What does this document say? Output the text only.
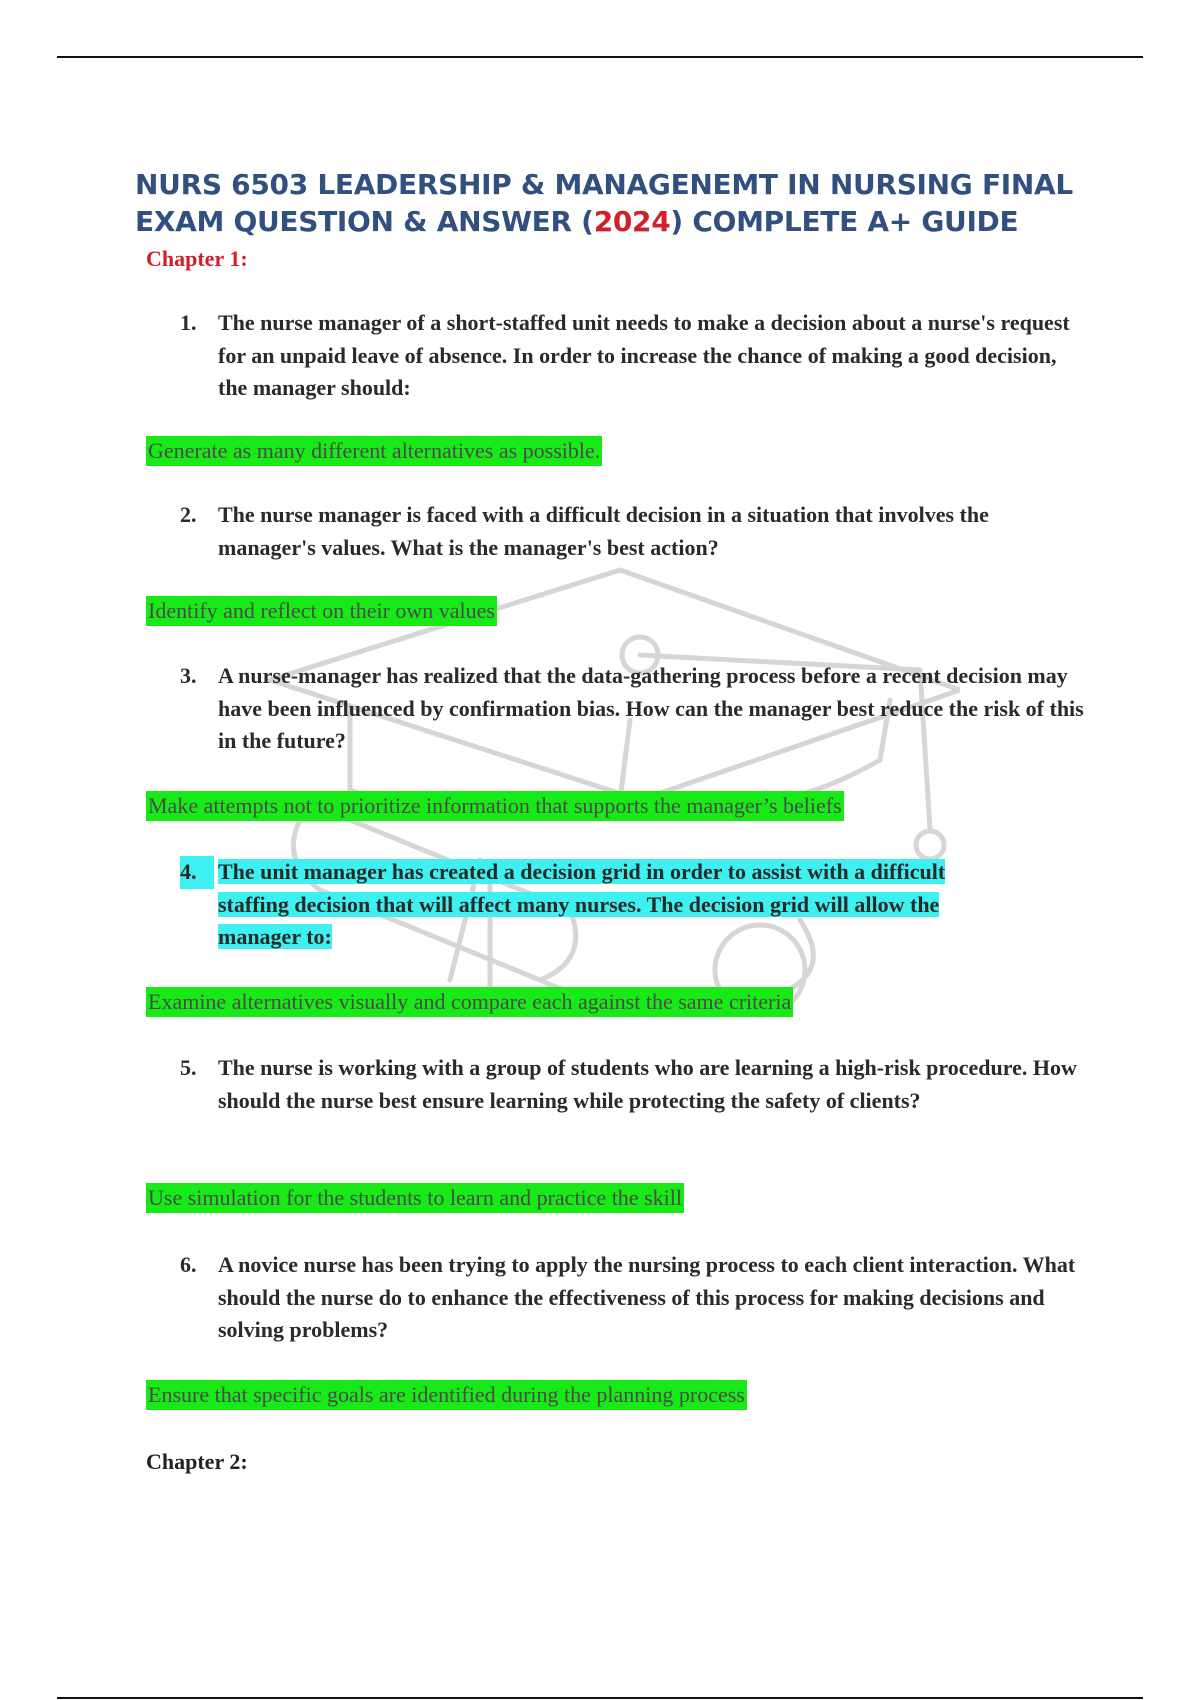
NURS 6503 LEADERSHIP & MANAGENEMT IN NURSING FINAL EXAM QUESTION & ANSWER (2024) COMPLETE A+ GUIDE
Chapter 1:
1. The nurse manager of a short-staffed unit needs to make a decision about a nurse's request for an unpaid leave of absence. In order to increase the chance of making a good decision, the manager should:
Generate as many different alternatives as possible.
2. The nurse manager is faced with a difficult decision in a situation that involves the manager's values. What is the manager's best action?
Identify and reflect on their own values
3. A nurse-manager has realized that the data-gathering process before a recent decision may have been influenced by confirmation bias. How can the manager best reduce the risk of this in the future?
Make attempts not to prioritize information that supports the manager’s beliefs
4. The unit manager has created a decision grid in order to assist with a difficult staffing decision that will affect many nurses. The decision grid will allow the manager to:
Examine alternatives visually and compare each against the same criteria
5. The nurse is working with a group of students who are learning a high-risk procedure. How should the nurse best ensure learning while protecting the safety of clients?
Use simulation for the students to learn and practice the skill
6. A novice nurse has been trying to apply the nursing process to each client interaction. What should the nurse do to enhance the effectiveness of this process for making decisions and solving problems?
Ensure that specific goals are identified during the planning process
Chapter 2:
